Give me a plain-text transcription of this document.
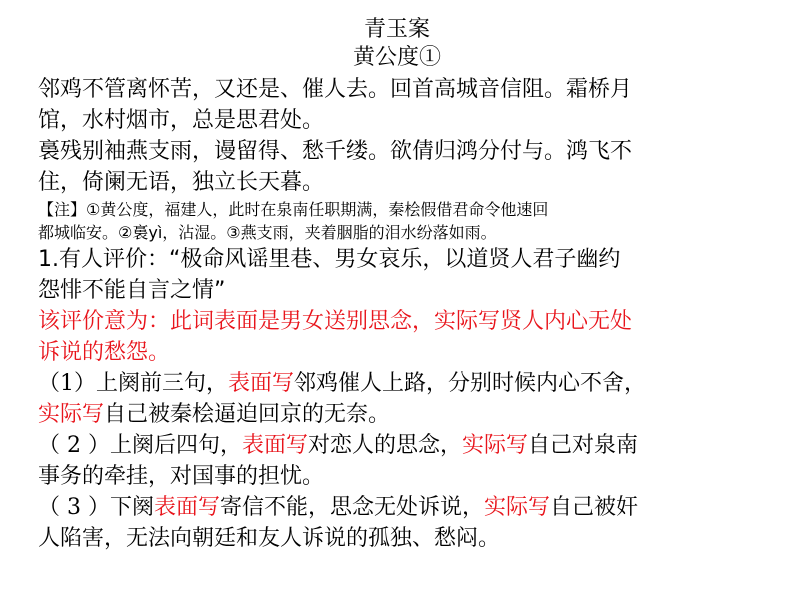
青玉案
黄公度①
邻鸡不管离怀苦，又还是、催人去。回首高城音信阻。霜桥月
馆，水村烟市，总是思君处。
裛残别袖燕支雨，谩留得、愁千缕。欲倩归鸿分付与。鸿飞不
住，倚阑无语，独立长天暮。
【注】①黄公度，福建人，此时在泉南任职期满，秦桧假借君命令他速回
都城临安。②裛yì，沾湿。③燕支雨，夹着胭脂的泪水纷落如雨。
1.有人评价：“极命风谣里巷、男女哀乐，以道贤人君子幽约
怨悱不能自言之情”
该评价意为：此词表面是男女送别思念，实际写贤人内心无处
诉说的愁怨。
（1）上阕前三句，表面写邻鸡催人上路，分别时候内心不舍，
实际写自己被秦桧逼迫回京的无奈。
（ 2 ）上阕后四句，表面写对恋人的思念，实际写自己对泉南
事务的牵挂，对国事的担忧。
（ 3 ）下阕表面写寄信不能，思念无处诉说，实际写自己被奸
人陷害，无法向朝廷和友人诉说的孤独、愁闷。
